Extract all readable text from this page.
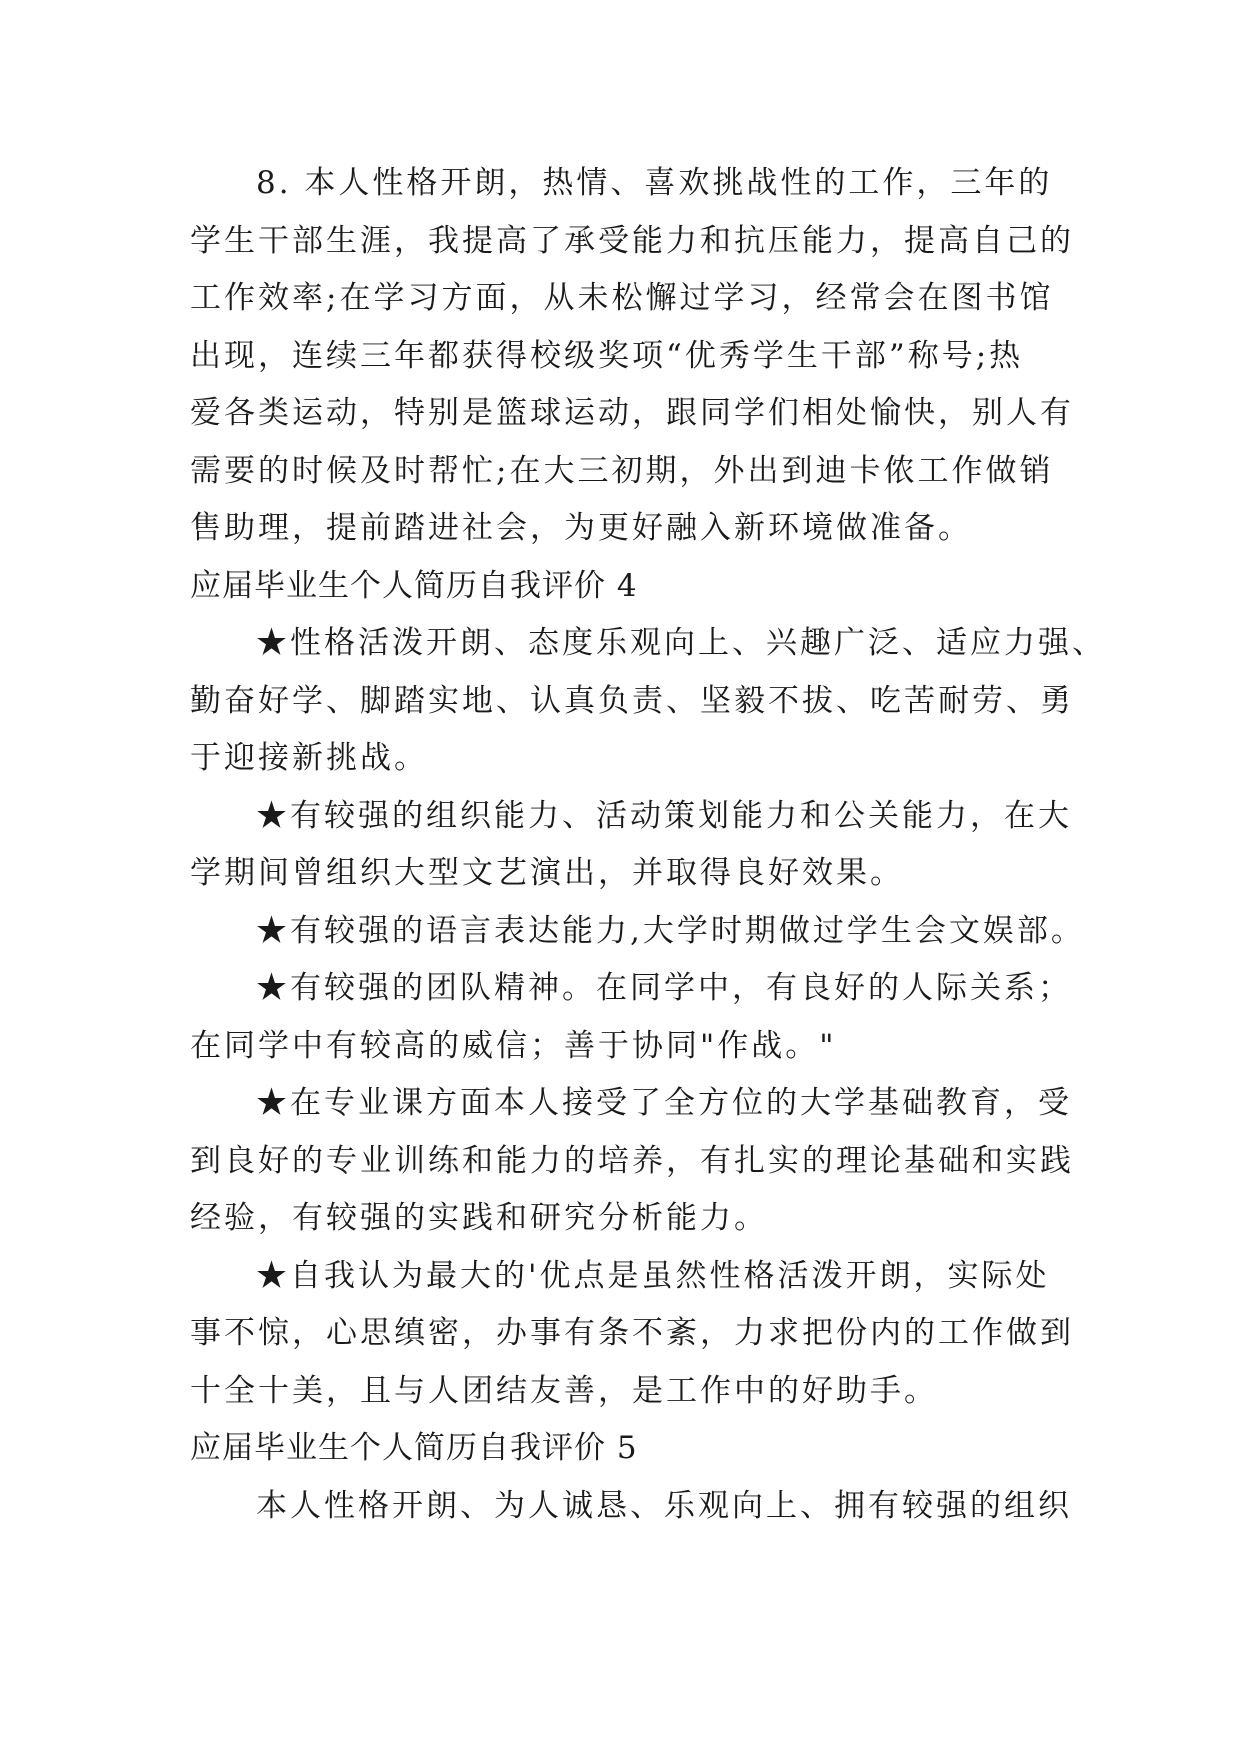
8. 本人性格开朗，热情、喜欢挑战性的工作，三年的
学生干部生涯，我提高了承受能力和抗压能力，提高自己的
工作效率;在学习方面，从未松懈过学习，经常会在图书馆
出现，连续三年都获得校级奖项“优秀学生干部”称号;热
爱各类运动，特别是篮球运动，跟同学们相处愉快，别人有
需要的时候及时帮忙;在大三初期，外出到迪卡侬工作做销
售助理，提前踏进社会，为更好融入新环境做准备。
应届毕业生个人简历自我评价 4
★性格活泼开朗、态度乐观向上、兴趣广泛、适应力强、
勤奋好学、脚踏实地、认真负责、坚毅不拔、吃苦耐劳、勇
于迎接新挑战。
★有较强的组织能力、活动策划能力和公关能力，在大
学期间曾组织大型文艺演出，并取得良好效果。
★有较强的语言表达能力,大学时期做过学生会文娱部。
★有较强的团队精神。在同学中，有良好的人际关系；
在同学中有较高的威信；善于协同"作战。"
★在专业课方面本人接受了全方位的大学基础教育，受
到良好的专业训练和能力的培养，有扎实的理论基础和实践
经验，有较强的实践和研究分析能力。
★自我认为最大的'优点是虽然性格活泼开朗，实际处
事不惊，心思缜密，办事有条不紊，力求把份内的工作做到
十全十美，且与人团结友善，是工作中的好助手。
应届毕业生个人简历自我评价 5
本人性格开朗、为人诚恳、乐观向上、拥有较强的组织
